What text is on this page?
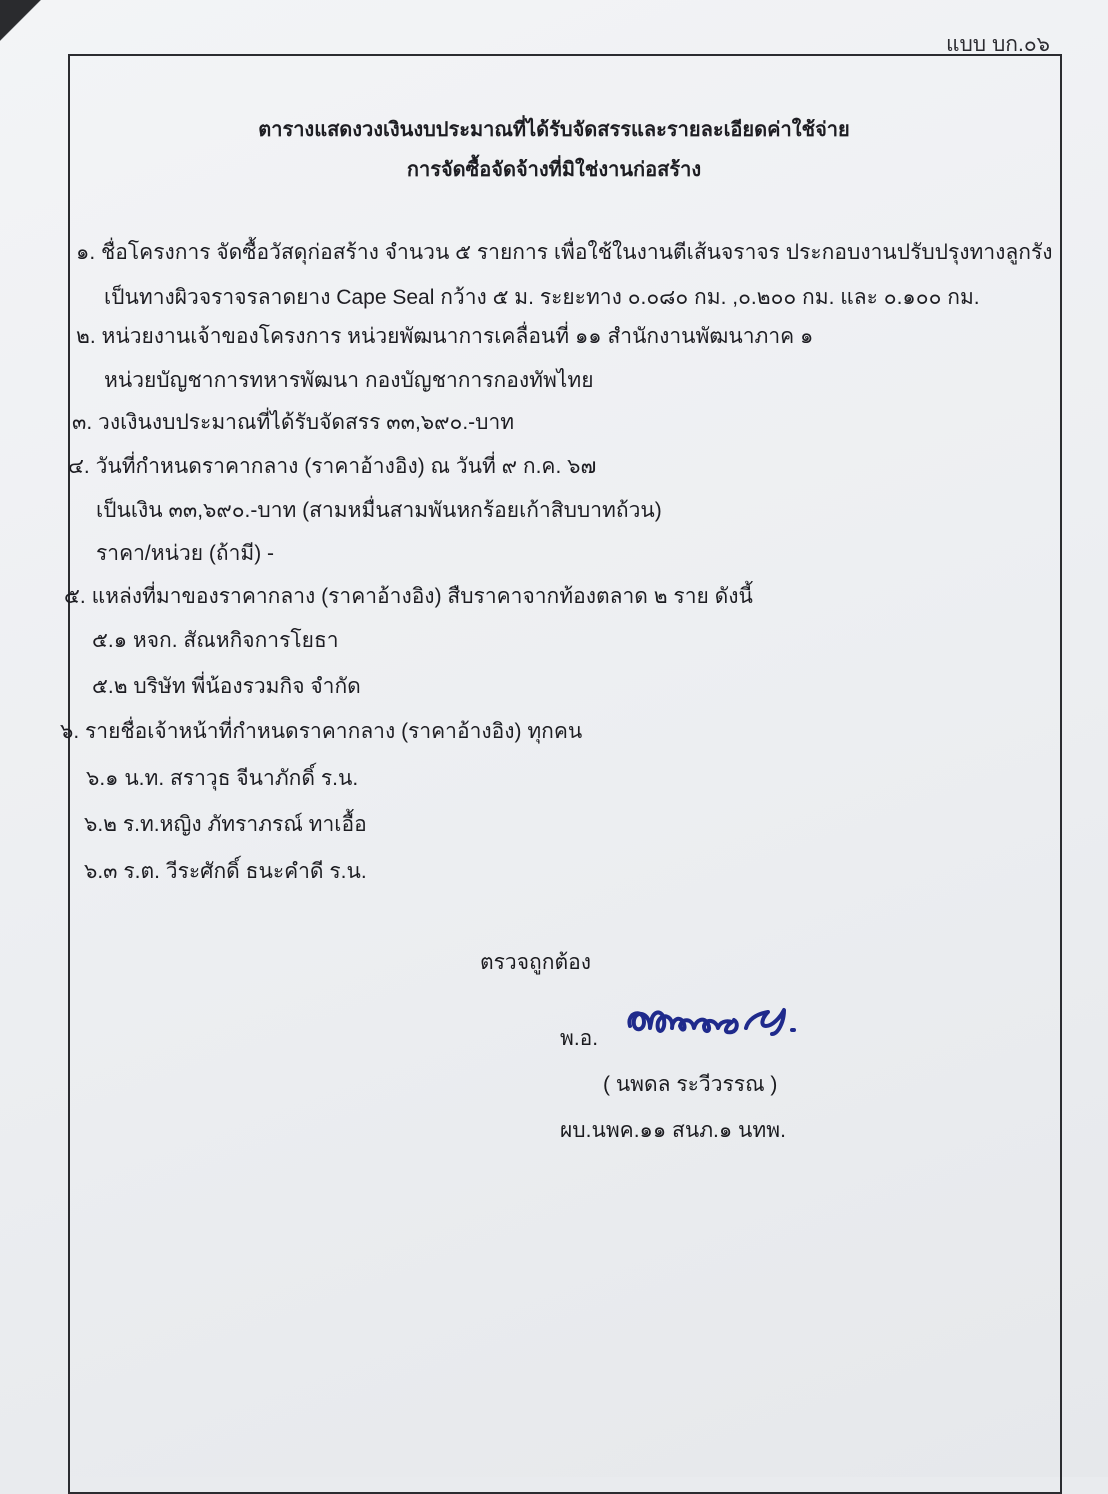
แบบ บก.๐๖
ตารางแสดงวงเงินงบประมาณที่ได้รับจัดสรรและรายละเอียดค่าใช้จ่าย
การจัดซื้อจัดจ้างที่มิใช่งานก่อสร้าง
๑. ชื่อโครงการ จัดซื้อวัสดุก่อสร้าง จำนวน ๕ รายการ เพื่อใช้ในงานตีเส้นจราจร ประกอบงานปรับปรุงทางลูกรัง
เป็นทางผิวจราจรลาดยาง Cape Seal กว้าง ๕ ม. ระยะทาง ๐.๐๘๐ กม. ,๐.๒๐๐ กม. และ ๐.๑๐๐ กม.
๒. หน่วยงานเจ้าของโครงการ หน่วยพัฒนาการเคลื่อนที่ ๑๑ สำนักงานพัฒนาภาค ๑
หน่วยบัญชาการทหารพัฒนา กองบัญชาการกองทัพไทย
๓. วงเงินงบประมาณที่ได้รับจัดสรร ๓๓,๖๙๐.-บาท
๔. วันที่กำหนดราคากลาง (ราคาอ้างอิง) ณ วันที่ ๙ ก.ค. ๖๗
เป็นเงิน ๓๓,๖๙๐.-บาท (สามหมื่นสามพันหกร้อยเก้าสิบบาทถ้วน)
ราคา/หน่วย (ถ้ามี) -
๕. แหล่งที่มาของราคากลาง (ราคาอ้างอิง) สืบราคาจากท้องตลาด ๒ ราย ดังนี้
๕.๑ หจก. สัณหกิจการโยธา
๕.๒ บริษัท พี่น้องรวมกิจ จำกัด
๖. รายชื่อเจ้าหน้าที่กำหนดราคากลาง (ราคาอ้างอิง) ทุกคน
๖.๑ น.ท. สราวุธ จีนาภักดิ์ ร.น.
๖.๒ ร.ท.หญิง ภัทราภรณ์ ทาเอื้อ
๖.๓ ร.ต. วีระศักดิ์ ธนะคำดี ร.น.
ตรวจถูกต้อง
พ.อ.
( นพดล ระวีวรรณ )
ผบ.นพค.๑๑ สนภ.๑ นทพ.
